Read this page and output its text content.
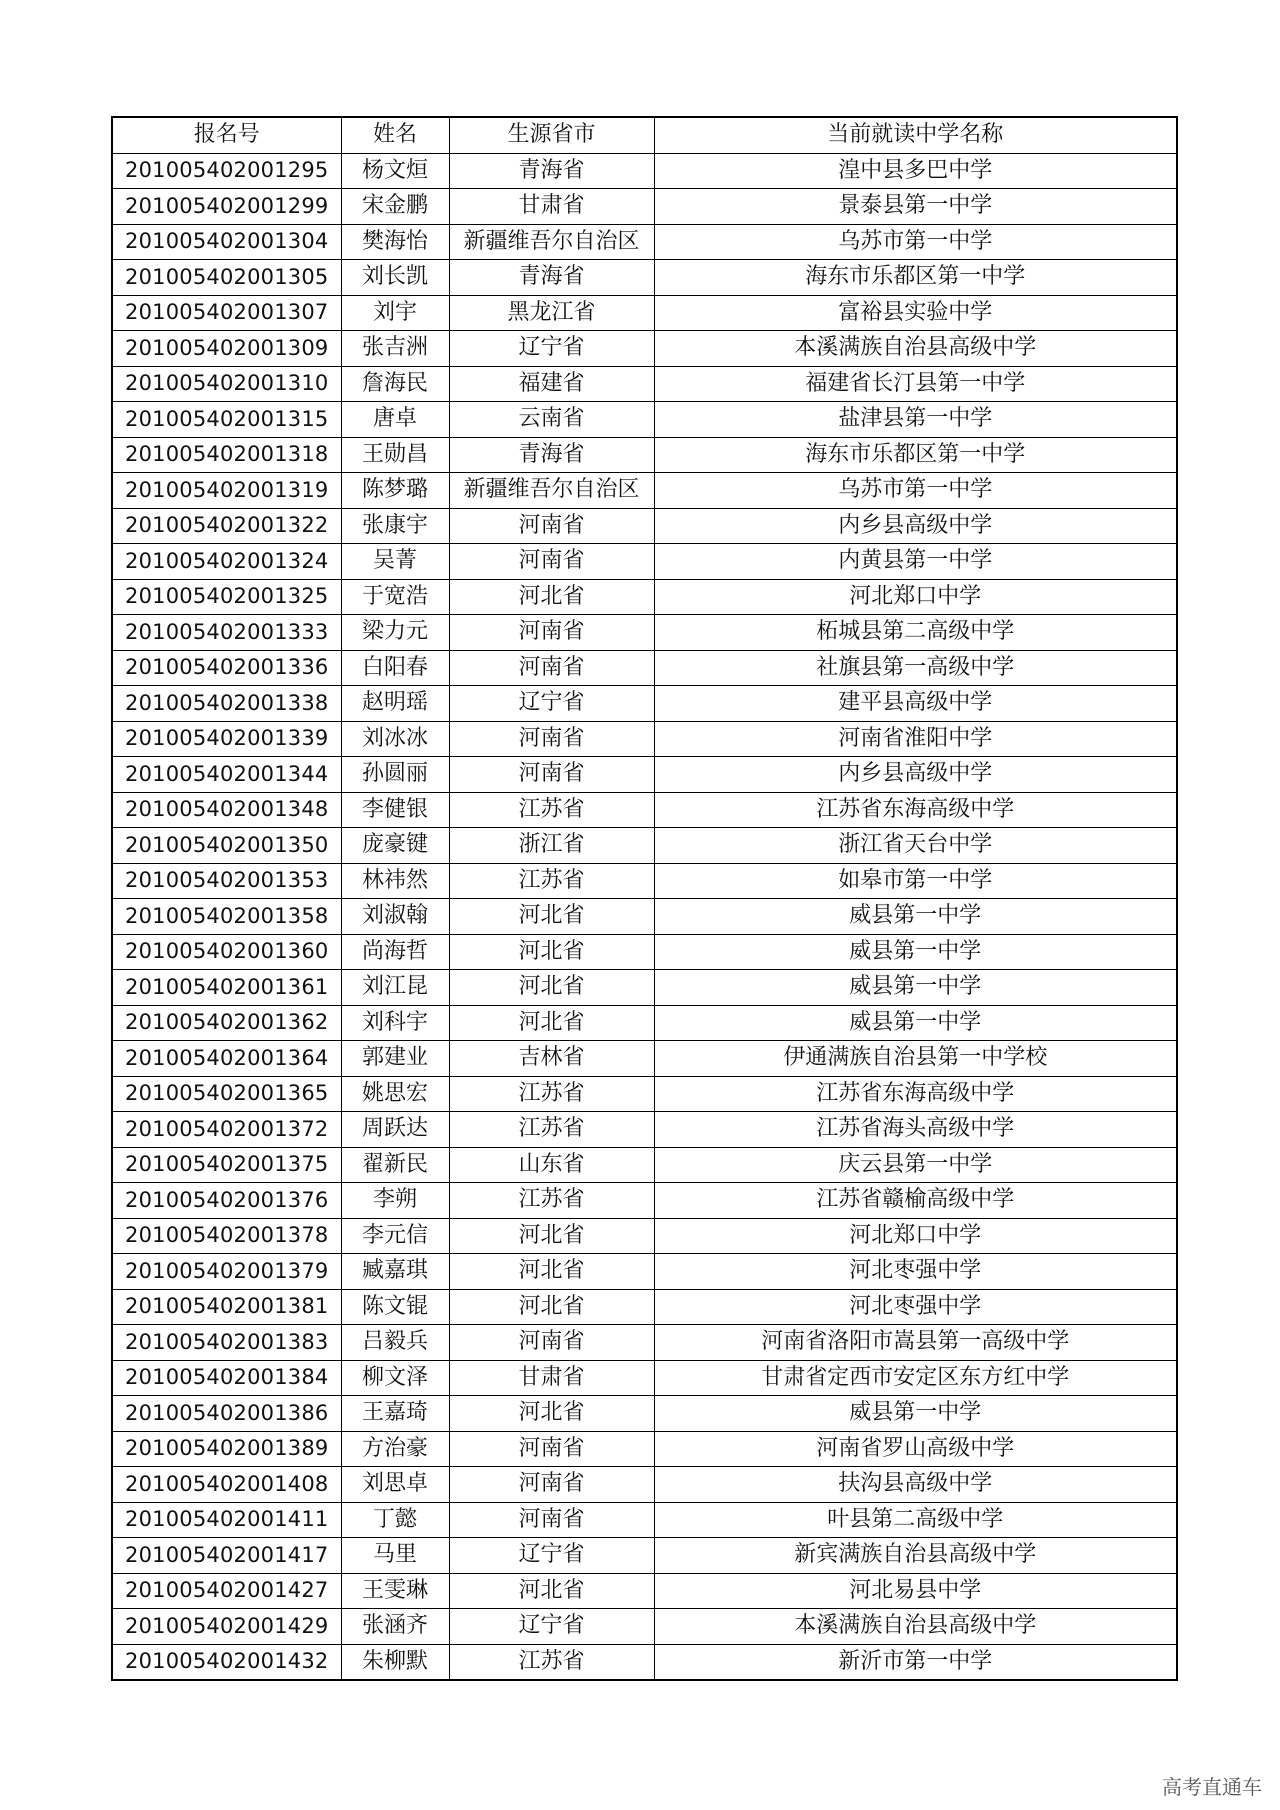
报名号	姓名	生源省市	当前就读中学名称
201005402001295	杨文烜	青海省	湟中县多巴中学
201005402001299	宋金鹏	甘肃省	景泰县第一中学
201005402001304	樊海怡	新疆维吾尔自治区	乌苏市第一中学
201005402001305	刘长凯	青海省	海东市乐都区第一中学
201005402001307	刘宇	黑龙江省	富裕县实验中学
201005402001309	张吉洲	辽宁省	本溪满族自治县高级中学
201005402001310	詹海民	福建省	福建省长汀县第一中学
201005402001315	唐卓	云南省	盐津县第一中学
201005402001318	王勋昌	青海省	海东市乐都区第一中学
201005402001319	陈梦璐	新疆维吾尔自治区	乌苏市第一中学
201005402001322	张康宇	河南省	内乡县高级中学
201005402001324	吴菁	河南省	内黄县第一中学
201005402001325	于宽浩	河北省	河北郑口中学
201005402001333	梁力元	河南省	柘城县第二高级中学
201005402001336	白阳春	河南省	社旗县第一高级中学
201005402001338	赵明瑶	辽宁省	建平县高级中学
201005402001339	刘冰冰	河南省	河南省淮阳中学
201005402001344	孙圆丽	河南省	内乡县高级中学
201005402001348	李健银	江苏省	江苏省东海高级中学
201005402001350	庞豪键	浙江省	浙江省天台中学
201005402001353	林祎然	江苏省	如皋市第一中学
201005402001358	刘淑翰	河北省	威县第一中学
201005402001360	尚海哲	河北省	威县第一中学
201005402001361	刘江昆	河北省	威县第一中学
201005402001362	刘科宇	河北省	威县第一中学
201005402001364	郭建业	吉林省	伊通满族自治县第一中学校
201005402001365	姚思宏	江苏省	江苏省东海高级中学
201005402001372	周跃达	江苏省	江苏省海头高级中学
201005402001375	翟新民	山东省	庆云县第一中学
201005402001376	李朔	江苏省	江苏省赣榆高级中学
201005402001378	李元信	河北省	河北郑口中学
201005402001379	臧嘉琪	河北省	河北枣强中学
201005402001381	陈文锟	河北省	河北枣强中学
201005402001383	吕毅兵	河南省	河南省洛阳市嵩县第一高级中学
201005402001384	柳文泽	甘肃省	甘肃省定西市安定区东方红中学
201005402001386	王嘉琦	河北省	威县第一中学
201005402001389	方治豪	河南省	河南省罗山高级中学
201005402001408	刘思卓	河南省	扶沟县高级中学
201005402001411	丁懿	河南省	叶县第二高级中学
201005402001417	马里	辽宁省	新宾满族自治县高级中学
201005402001427	王雯琳	河北省	河北易县中学
201005402001429	张涵齐	辽宁省	本溪满族自治县高级中学
201005402001432	朱柳默	江苏省	新沂市第一中学
高考直通车
